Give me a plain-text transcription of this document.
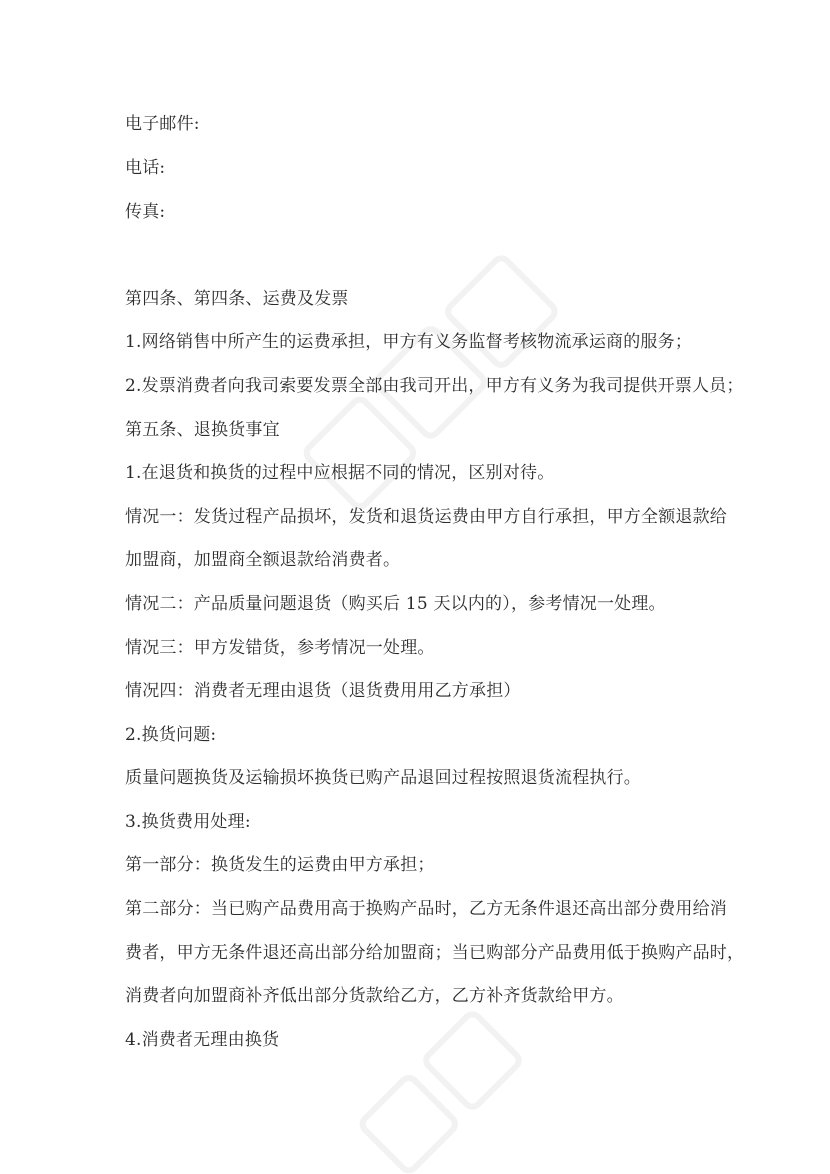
电子邮件:
电话:
传真:
第四条、第四条、运费及发票
1.网络销售中所产生的运费承担，甲方有义务监督考核物流承运商的服务；
2.发票消费者向我司索要发票全部由我司开出，甲方有义务为我司提供开票人员；
第五条、退换货事宜
1.在退货和换货的过程中应根据不同的情况，区别对待。
情况一：发货过程产品损坏，发货和退货运费由甲方自行承担，甲方全额退款给
加盟商，加盟商全额退款给消费者。
情况二：产品质量问题退货（购买后 15 天以内的），参考情况一处理。
情况三：甲方发错货，参考情况一处理。
情况四：消费者无理由退货（退货费用用乙方承担）
2.换货问题:
质量问题换货及运输损坏换货已购产品退回过程按照退货流程执行。
3.换货费用处理:
第一部分：换货发生的运费由甲方承担；
第二部分：当已购产品费用高于换购产品时，乙方无条件退还高出部分费用给消
费者，甲方无条件退还高出部分给加盟商；当已购部分产品费用低于换购产品时，
消费者向加盟商补齐低出部分货款给乙方，乙方补齐货款给甲方。
4.消费者无理由换货
